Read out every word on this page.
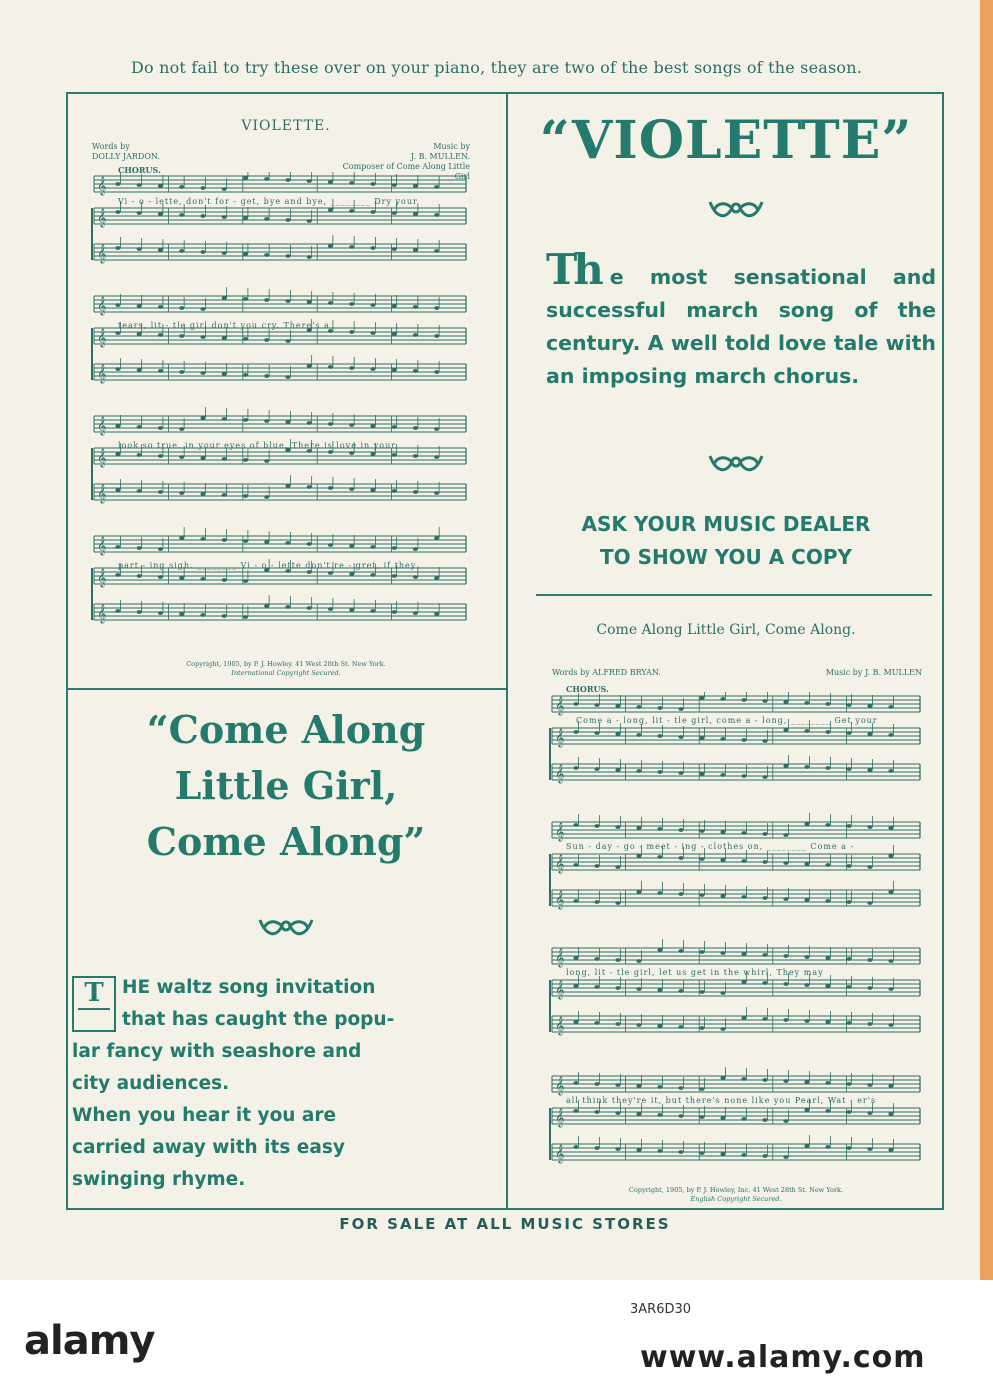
Do not fail to try these over on your piano, they are two of the best songs of the season.
VIOLETTE.
Words by
DOLLY JARDON.
Music by
J. B. MULLEN.
Composer of Come Along Little Girl
CHORUS.
𝄞
𝄞
𝄞
𝄞
𝄞
𝄞
𝄞
𝄞
𝄞
𝄞
𝄞
𝄞
Vi - o - lette, don't for - get, bye and bye, ________ Dry your
tears, lit - tle girl don't you cry. There's a
look so true. in your eyes of blue, There is love in your
part - ing sigh. ________ Vi - o - lette don't re - gret, if they
Copyright, 1905, by P. J. Howley. 41 West 28th St. New York.
International Copyright Secured.
“VIOLETTE”
Th e most sensational and successful march song of the century. A well told love tale with an imposing march chorus.
ASK YOUR MUSIC DEALER
TO SHOW YOU A COPY
Come Along Little Girl, Come Along.
Words by ALFRED BRYAN.	Music by J. B. MULLEN
CHORUS.
𝄞
𝄞
𝄞
𝄞
𝄞
𝄞
𝄞
𝄞
𝄞
𝄞
𝄞
𝄞
Come a - long, lit - tle girl, come a - long, ________ Get your
Sun - day - go - meet - ing - clothes on, ________ Come a -
long, lit - tle girl, let us get in the whirl, They may
all think they're it, but there's none like you Pearl, Wat - er's
Copyright, 1905, by P. J. Howley, Inc. 41 West 28th St. New York.
English Copyright Secured.
“Come Along
Little Girl,
Come Along”
T HE waltz song invitation
that has caught the popu-
lar fancy with seashore and
city audiences.
When you hear it you are
carried away with its easy
swinging rhyme.
FOR SALE AT ALL MUSIC STORES
alamy
3AR6D30
www.alamy.com
